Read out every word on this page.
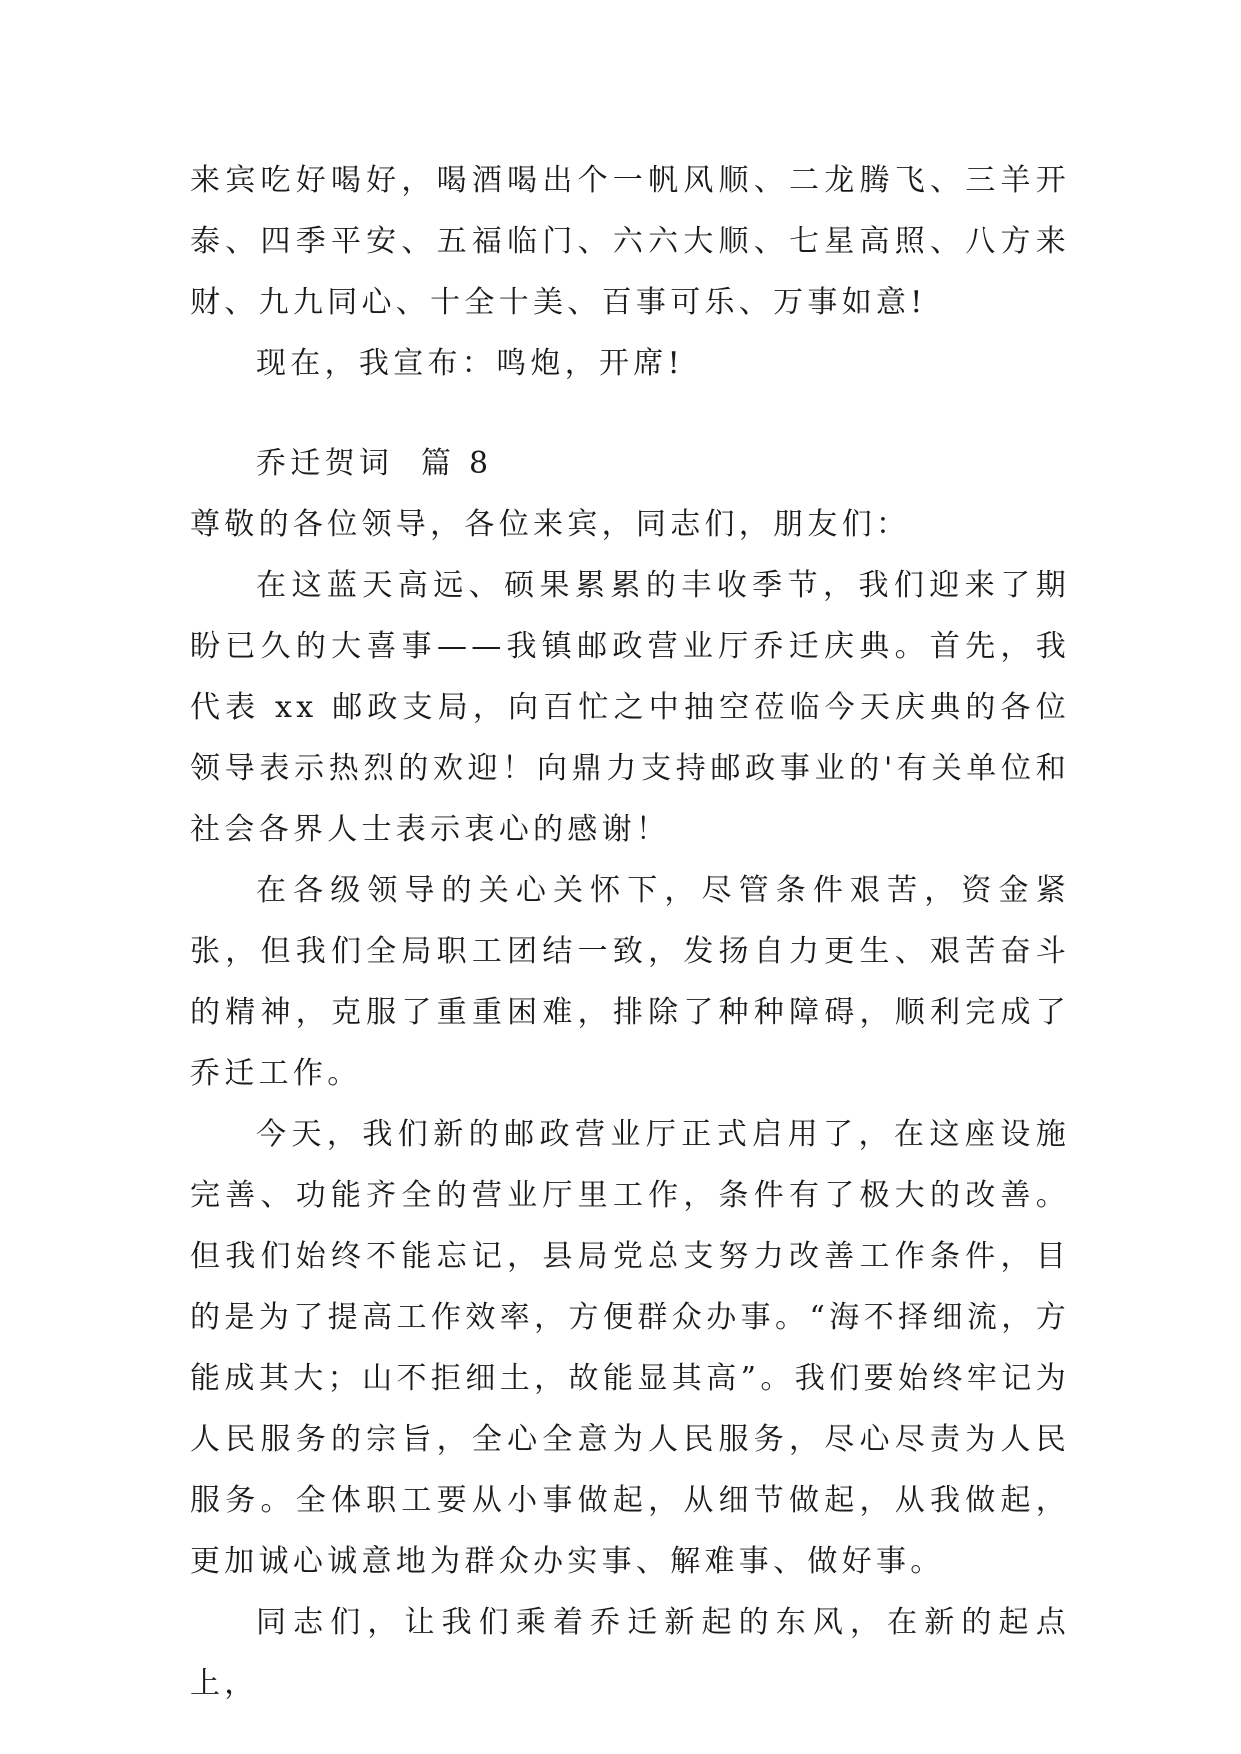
来宾吃好喝好，喝酒喝出个一帆风顺、二龙腾飞、三羊开泰、四季平安、五福临门、六六大顺、七星高照、八方来财、九九同心、十全十美、百事可乐、万事如意!

现在，我宣布：鸣炮，开席!

乔迁贺词  篇 8

尊敬的各位领导，各位来宾，同志们，朋友们：

在这蓝天高远、硕果累累的丰收季节，我们迎来了期盼已久的大喜事——我镇邮政营业厅乔迁庆典。首先，我代表 xx 邮政支局，向百忙之中抽空莅临今天庆典的各位领导表示热烈的欢迎！向鼎力支持邮政事业的'有关单位和社会各界人士表示衷心的感谢！

在各级领导的关心关怀下，尽管条件艰苦，资金紧张，但我们全局职工团结一致，发扬自力更生、艰苦奋斗的精神，克服了重重困难，排除了种种障碍，顺利完成了乔迁工作。

今天，我们新的邮政营业厅正式启用了，在这座设施完善、功能齐全的营业厅里工作，条件有了极大的改善。但我们始终不能忘记，县局党总支努力改善工作条件，目的是为了提高工作效率，方便群众办事。“海不择细流，方能成其大；山不拒细土，故能显其高”。我们要始终牢记为人民服务的宗旨，全心全意为人民服务，尽心尽责为人民服务。全体职工要从小事做起，从细节做起，从我做起，更加诚心诚意地为群众办实事、解难事、做好事。

同志们，让我们乘着乔迁新起的东风，在新的起点上，
